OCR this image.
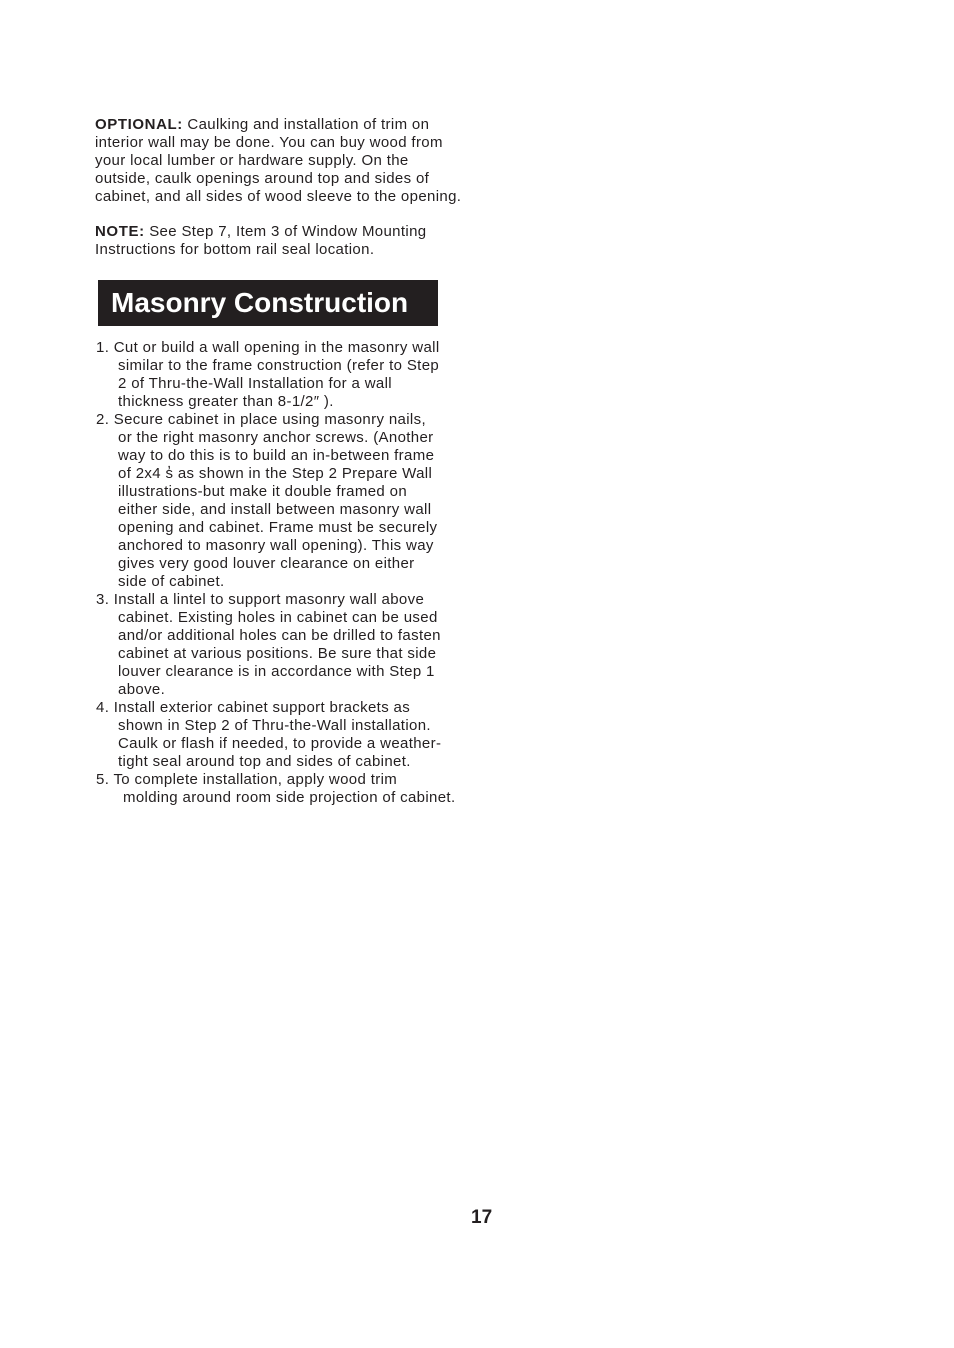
OPTIONAL: Caulking and installation of trim on
interior wall may be done. You can buy wood from
your local lumber or hardware supply. On the
outside, caulk openings around top and sides of
cabinet, and all sides of wood sleeve to the opening.
NOTE: See Step 7, Item 3 of Window Mounting
Instructions for bottom rail seal location.
Masonry Construction
1. Cut or build a wall opening in the masonry wall
similar to the frame construction (refer to Step
2 of Thru-the-Wall Installation for a wall
thickness greater than 8-1/2″ ).
2. Secure cabinet in place using masonry nails,
or the right masonry anchor screws. (Another
way to do this is to build an in-between frame
of 2x4 s̓ as shown in the Step 2 Prepare Wall
illustrations-but make it double framed on
either side, and install between masonry wall
opening and cabinet. Frame must be securely
anchored to masonry wall opening). This way
gives very good louver clearance on either
side of cabinet.
3. Install a lintel to support masonry wall above
cabinet. Existing holes in cabinet can be used
and/or additional holes can be drilled to fasten
cabinet at various positions. Be sure that side
louver clearance is in accordance with Step 1
above.
4. Install exterior cabinet support brackets as
shown in Step 2 of Thru-the-Wall installation.
Caulk or flash if needed, to provide a weather-
tight seal around top and sides of cabinet.
5. To complete installation, apply wood trim
molding around room side projection of cabinet.
17
